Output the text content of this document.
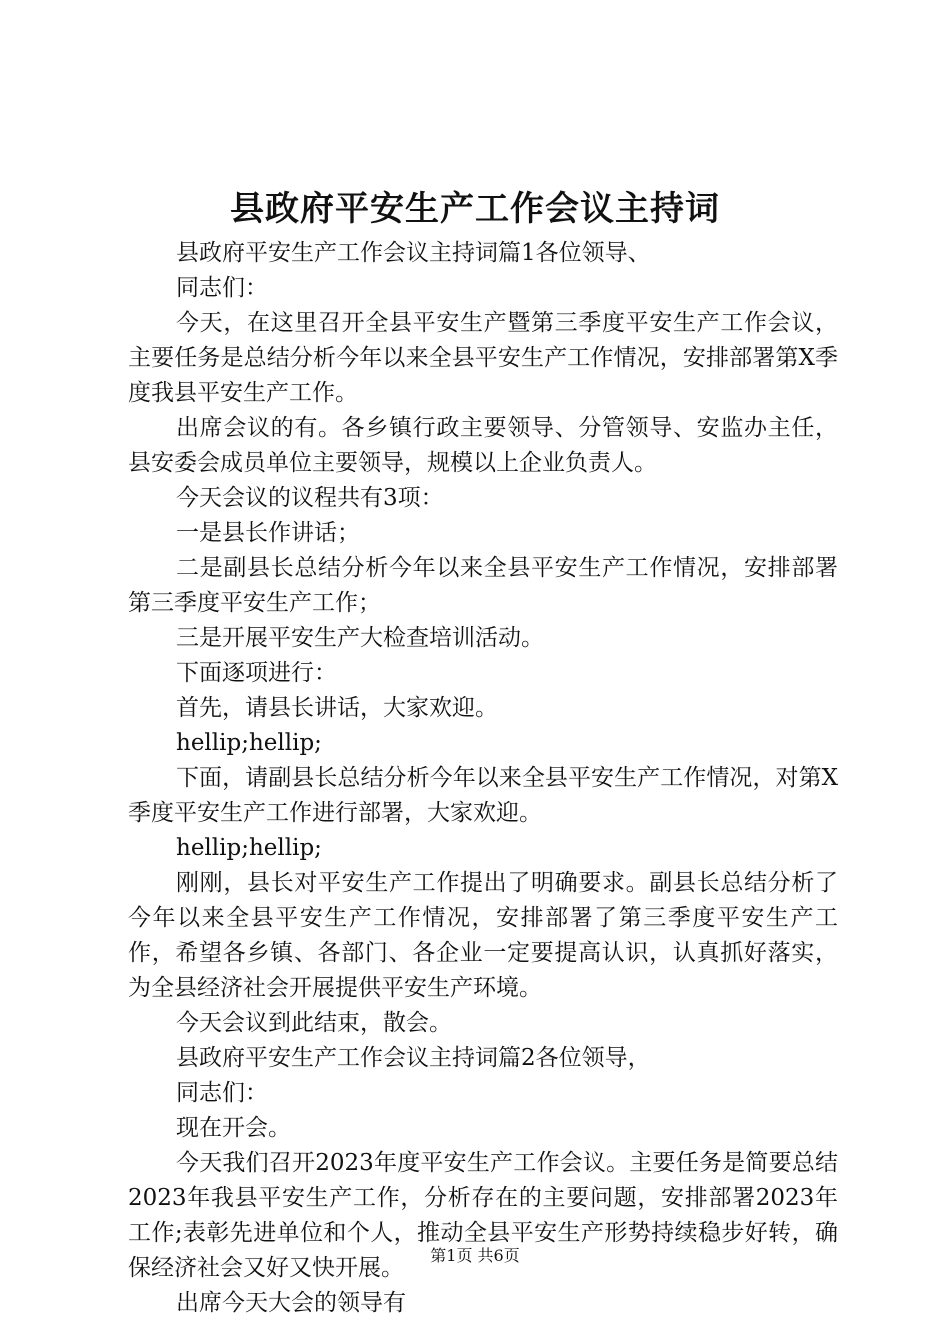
县政府平安生产工作会议主持词

县政府平安生产工作会议主持词篇1各位领导、

同志们：

今天，在这里召开全县平安生产暨第三季度平安生产工作会议，主要任务是总结分析今年以来全县平安生产工作情况，安排部署第X季度我县平安生产工作。

出席会议的有。各乡镇行政主要领导、分管领导、安监办主任，县安委会成员单位主要领导，规模以上企业负责人。

今天会议的议程共有3项：

一是县长作讲话；

二是副县长总结分析今年以来全县平安生产工作情况，安排部署第三季度平安生产工作；

三是开展平安生产大检查培训活动。

下面逐项进行：

首先，请县长讲话，大家欢迎。

hellip;hellip;

下面，请副县长总结分析今年以来全县平安生产工作情况，对第X季度平安生产工作进行部署，大家欢迎。

hellip;hellip;

刚刚，县长对平安生产工作提出了明确要求。副县长总结分析了今年以来全县平安生产工作情况，安排部署了第三季度平安生产工作，希望各乡镇、各部门、各企业一定要提高认识，认真抓好落实，为全县经济社会开展提供平安生产环境。

今天会议到此结束，散会。

县政府平安生产工作会议主持词篇2各位领导，

同志们：

现在开会。

今天我们召开2023年度平安生产工作会议。主要任务是简要总结2023年我县平安生产工作，分析存在的主要问题，安排部署2023年工作;表彰先进单位和个人，推动全县平安生产形势持续稳步好转，确保经济社会又好又快开展。

出席今天大会的领导有

第1页 共6页
